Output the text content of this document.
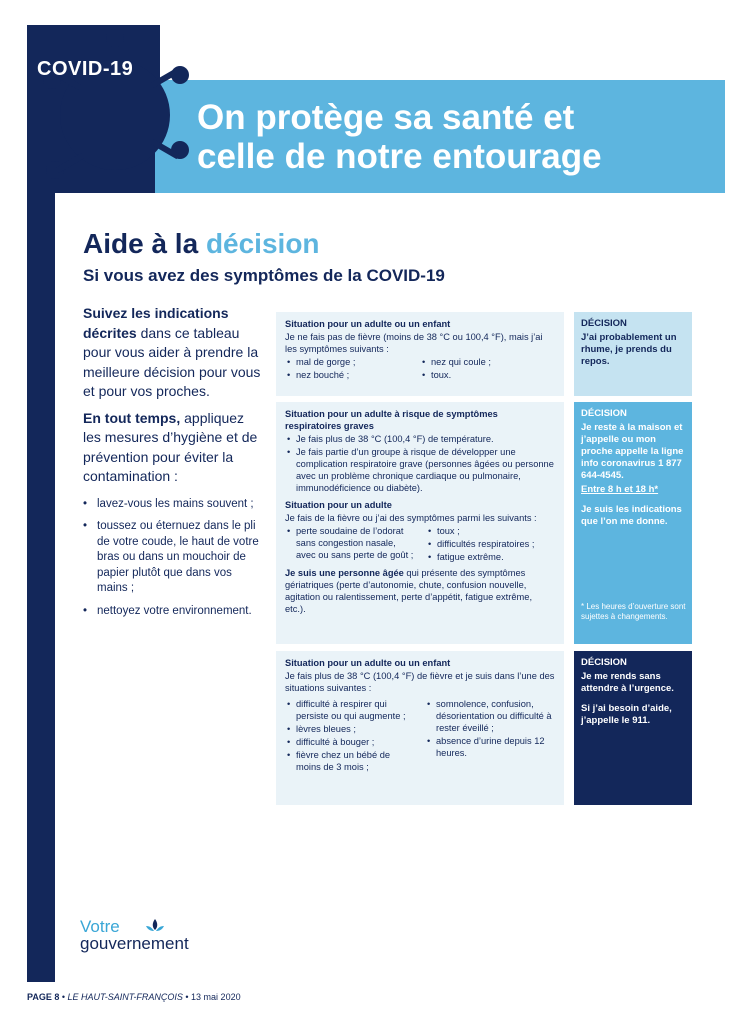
COVID-19
On protège sa santé et
celle de notre entourage
Aide à la décision
Si vous avez des symptômes de la COVID-19

Suivez les indications décrites dans ce tableau pour vous aider à prendre la meilleure décision pour vous et pour vos proches.

En tout temps, appliquez les mesures d’hygiène et de prévention pour éviter la contamination :

• lavez-vous les mains souvent ;
• toussez ou éternuez dans le pli de votre coude, le haut de votre bras ou dans un mouchoir de papier plutôt que dans vos mains ;
• nettoyez votre environnement.
Situation pour un adulte ou un enfant

Je ne fais pas de fièvre (moins de 38 °C ou 100,4 °F), mais j’ai les symptômes suivants :

• mal de gorge ;
• nez bouché ;
• nez qui coule ;
• toux.
Situation pour un adulte à risque de symptômes respiratoires graves
• Je fais plus de 38 °C (100,4 °F) de température.
• Je fais partie d’un groupe à risque de développer une complication respiratoire grave (personnes âgées ou personne avec un problème chronique cardiaque ou pulmonaire, immunodéficience ou diabète).
Situation pour un adulte

Je fais de la fièvre ou j’ai des symptômes parmi les suivants :

• perte soudaine de l’odorat sans congestion nasale, avec ou sans perte de goût ;
• toux ;
• difficultés respiratoires ;
• fatigue extrême.

Je suis une personne âgée qui présente des symptômes gériatriques (perte d’autonomie, chute, confusion nouvelle, agitation ou ralentissement, perte d’appétit, fatigue extrême, etc.).

Situation pour un adulte ou un enfant

Je fais plus de 38 °C (100,4 °F) de fièvre et je suis dans l’une des situations suivantes :

• difficulté à respirer qui persiste ou qui augmente ;
• lèvres bleues ;
• difficulté à bouger ;
• fièvre chez un bébé de moins de 3 mois ;
• somnolence, confusion, désorientation ou difficulté à rester éveillé ;
• absence d’urine depuis 12 heures.
DÉCISION

J’ai probablement un rhume, je prends du repos.

DÉCISION

Je reste à la maison et j’appelle ou mon proche appelle la ligne info coronavirus 1 877 644-4545.

Entre 8 h et 18 h*

Je suis les indications que l’on me donne.

* Les heures d’ouverture sont sujettes à changements.
DÉCISION

Je me rends sans attendre à l’urgence.

Si j’ai besoin d’aide, j’appelle le 911.

Votre
gouvernement
PAGE 8 • LE HAUT-SAINT-FRANÇOIS • 13 mai 2020
